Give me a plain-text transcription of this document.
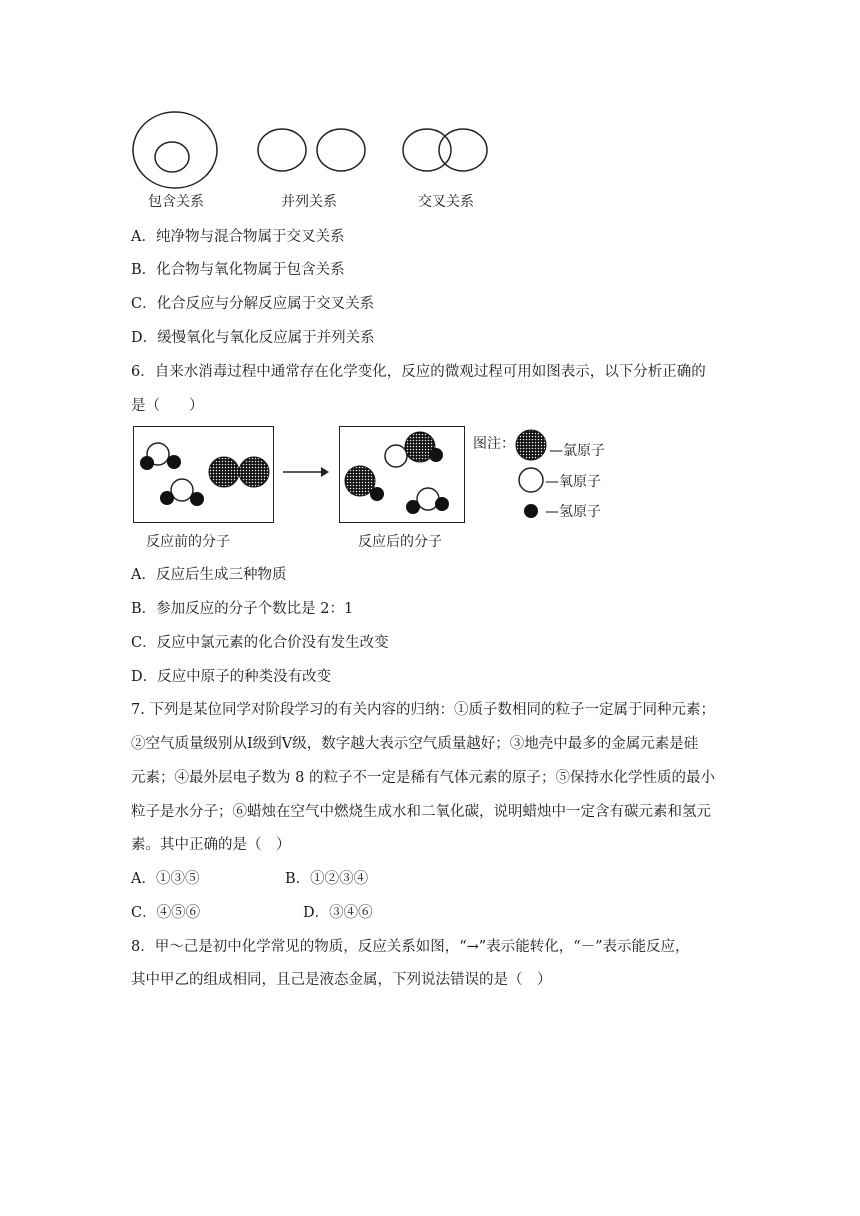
包含关系	并列关系	交叉关系
A．纯净物与混合物属于交叉关系
B．化合物与氧化物属于包含关系
C．化合反应与分解反应属于交叉关系
D．缓慢氧化与氧化反应属于并列关系
6．自来水消毒过程中通常存在化学变化，反应的微观过程可用如图表示，以下分析正确的
是（　　）
反应前的分子	反应后的分子
图注： —氯原子
—氧原子
—氢原子
A．反应后生成三种物质
B．参加反应的分子个数比是 2：1
C．反应中氯元素的化合价没有发生改变
D．反应中原子的种类没有改变
7. 下列是某位同学对阶段学习的有关内容的归纳：①质子数相同的粒子一定属于同种元素；
②空气质量级别从Ⅰ级到Ⅴ级，数字越大表示空气质量越好；③地壳中最多的金属元素是硅
元素；④最外层电子数为 8 的粒子不一定是稀有气体元素的原子；⑤保持水化学性质的最小
粒子是水分子；⑥蜡烛在空气中燃烧生成水和二氧化碳，说明蜡烛中一定含有碳元素和氢元
素。其中正确的是（　）
A．①③⑤	B．①②③④
C．④⑤⑥	D．③④⑥
8．甲～己是初中化学常见的物质，反应关系如图，“→”表示能转化，“－”表示能反应，
其中甲乙的组成相同，且己是液态金属，下列说法错误的是（　）
